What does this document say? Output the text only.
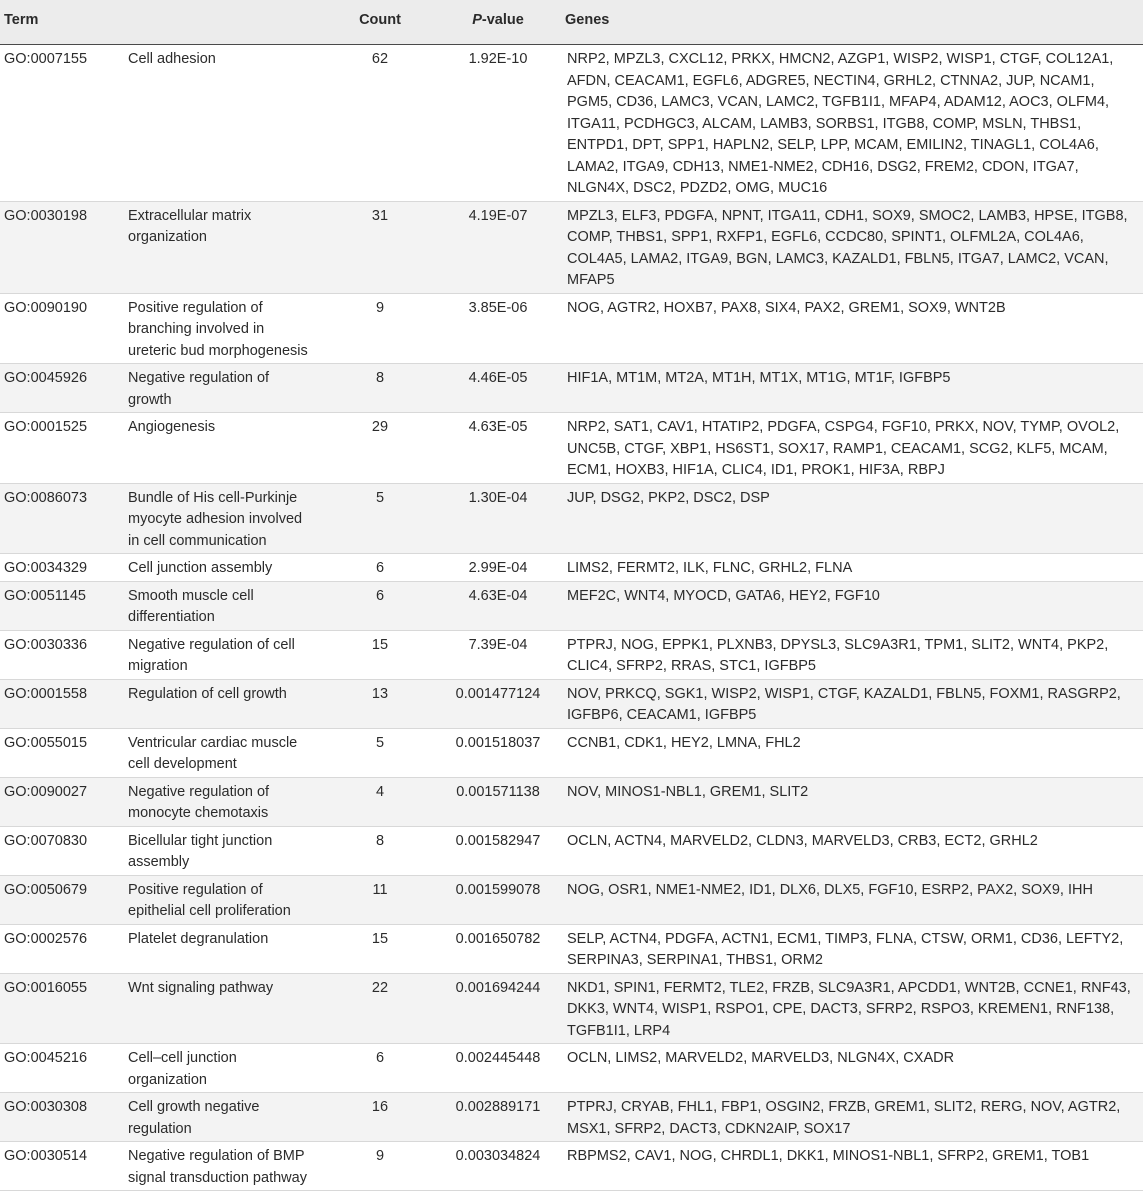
Term		Count	P-value	Genes
GO:0007155	Cell adhesion	62	1.92E-10	NRP2, MPZL3, CXCL12, PRKX, HMCN2, AZGP1, WISP2, WISP1, CTGF, COL12A1, AFDN, CEACAM1, EGFL6, ADGRE5, NECTIN4, GRHL2, CTNNA2, JUP, NCAM1, PGM5, CD36, LAMC3, VCAN, LAMC2, TGFB1I1, MFAP4, ADAM12, AOC3, OLFM4, ITGA11, PCDHGC3, ALCAM, LAMB3, SORBS1, ITGB8, COMP, MSLN, THBS1, ENTPD1, DPT, SPP1, HAPLN2, SELP, LPP, MCAM, EMILIN2, TINAGL1, COL4A6, LAMA2, ITGA9, CDH13, NME1-NME2, CDH16, DSG2, FREM2, CDON, ITGA7, NLGN4X, DSC2, PDZD2, OMG, MUC16
GO:0030198	Extracellular matrix organization	31	4.19E-07	MPZL3, ELF3, PDGFA, NPNT, ITGA11, CDH1, SOX9, SMOC2, LAMB3, HPSE, ITGB8, COMP, THBS1, SPP1, RXFP1, EGFL6, CCDC80, SPINT1, OLFML2A, COL4A6, COL4A5, LAMA2, ITGA9, BGN, LAMC3, KAZALD1, FBLN5, ITGA7, LAMC2, VCAN, MFAP5
GO:0090190	Positive regulation of branching involved in ureteric bud morphogenesis	9	3.85E-06	NOG, AGTR2, HOXB7, PAX8, SIX4, PAX2, GREM1, SOX9, WNT2B
GO:0045926	Negative regulation of growth	8	4.46E-05	HIF1A, MT1M, MT2A, MT1H, MT1X, MT1G, MT1F, IGFBP5
GO:0001525	Angiogenesis	29	4.63E-05	NRP2, SAT1, CAV1, HTATIP2, PDGFA, CSPG4, FGF10, PRKX, NOV, TYMP, OVOL2, UNC5B, CTGF, XBP1, HS6ST1, SOX17, RAMP1, CEACAM1, SCG2, KLF5, MCAM, ECM1, HOXB3, HIF1A, CLIC4, ID1, PROK1, HIF3A, RBPJ
GO:0086073	Bundle of His cell-Purkinje myocyte adhesion involved in cell communication	5	1.30E-04	JUP, DSG2, PKP2, DSC2, DSP
GO:0034329	Cell junction assembly	6	2.99E-04	LIMS2, FERMT2, ILK, FLNC, GRHL2, FLNA
GO:0051145	Smooth muscle cell differentiation	6	4.63E-04	MEF2C, WNT4, MYOCD, GATA6, HEY2, FGF10
GO:0030336	Negative regulation of cell migration	15	7.39E-04	PTPRJ, NOG, EPPK1, PLXNB3, DPYSL3, SLC9A3R1, TPM1, SLIT2, WNT4, PKP2, CLIC4, SFRP2, RRAS, STC1, IGFBP5
GO:0001558	Regulation of cell growth	13	0.001477124	NOV, PRKCQ, SGK1, WISP2, WISP1, CTGF, KAZALD1, FBLN5, FOXM1, RASGRP2, IGFBP6, CEACAM1, IGFBP5
GO:0055015	Ventricular cardiac muscle cell development	5	0.001518037	CCNB1, CDK1, HEY2, LMNA, FHL2
GO:0090027	Negative regulation of monocyte chemotaxis	4	0.001571138	NOV, MINOS1-NBL1, GREM1, SLIT2
GO:0070830	Bicellular tight junction assembly	8	0.001582947	OCLN, ACTN4, MARVELD2, CLDN3, MARVELD3, CRB3, ECT2, GRHL2
GO:0050679	Positive regulation of epithelial cell proliferation	11	0.001599078	NOG, OSR1, NME1-NME2, ID1, DLX6, DLX5, FGF10, ESRP2, PAX2, SOX9, IHH
GO:0002576	Platelet degranulation	15	0.001650782	SELP, ACTN4, PDGFA, ACTN1, ECM1, TIMP3, FLNA, CTSW, ORM1, CD36, LEFTY2, SERPINA3, SERPINA1, THBS1, ORM2
GO:0016055	Wnt signaling pathway	22	0.001694244	NKD1, SPIN1, FERMT2, TLE2, FRZB, SLC9A3R1, APCDD1, WNT2B, CCNE1, RNF43, DKK3, WNT4, WISP1, RSPO1, CPE, DACT3, SFRP2, RSPO3, KREMEN1, RNF138, TGFB1I1, LRP4
GO:0045216	Cell–cell junction organization	6	0.002445448	OCLN, LIMS2, MARVELD2, MARVELD3, NLGN4X, CXADR
GO:0030308	Cell growth negative regulation	16	0.002889171	PTPRJ, CRYAB, FHL1, FBP1, OSGIN2, FRZB, GREM1, SLIT2, RERG, NOV, AGTR2, MSX1, SFRP2, DACT3, CDKN2AIP, SOX17
GO:0030514	Negative regulation of BMP signal transduction pathway	9	0.003034824	RBPMS2, CAV1, NOG, CHRDL1, DKK1, MINOS1-NBL1, SFRP2, GREM1, TOB1
